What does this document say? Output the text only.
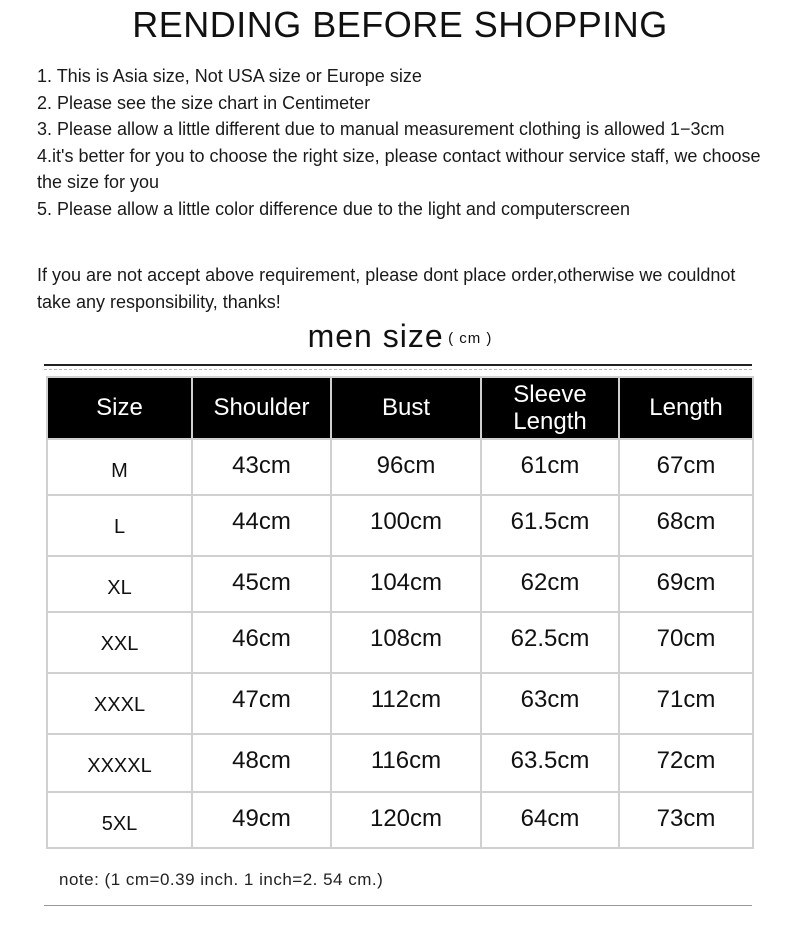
RENDING BEFORE SHOPPING
1. This is Asia size, Not USA size or Europe size
2. Please see the size chart in Centimeter
3. Please allow a little different due to manual measurement clothing is allowed 1−3cm
4.it's better for you to choose the right size, please contact withour service staff, we choose the size for you
5. Please allow a little color difference due to the light and computerscreen
If you are not accept above requirement, please dont place order,otherwise we couldnot take any responsibility, thanks!
men size ( cm )
Size	Shoulder	Bust	Sleeve Length	Length
M	43cm	96cm	61cm	67cm
L	44cm	100cm	61.5cm	68cm
XL	45cm	104cm	62cm	69cm
XXL	46cm	108cm	62.5cm	70cm
XXXL	47cm	112cm	63cm	71cm
XXXXL	48cm	116cm	63.5cm	72cm
5XL	49cm	120cm	64cm	73cm
note: (1 cm=0.39 inch. 1 inch=2. 54 cm.)
